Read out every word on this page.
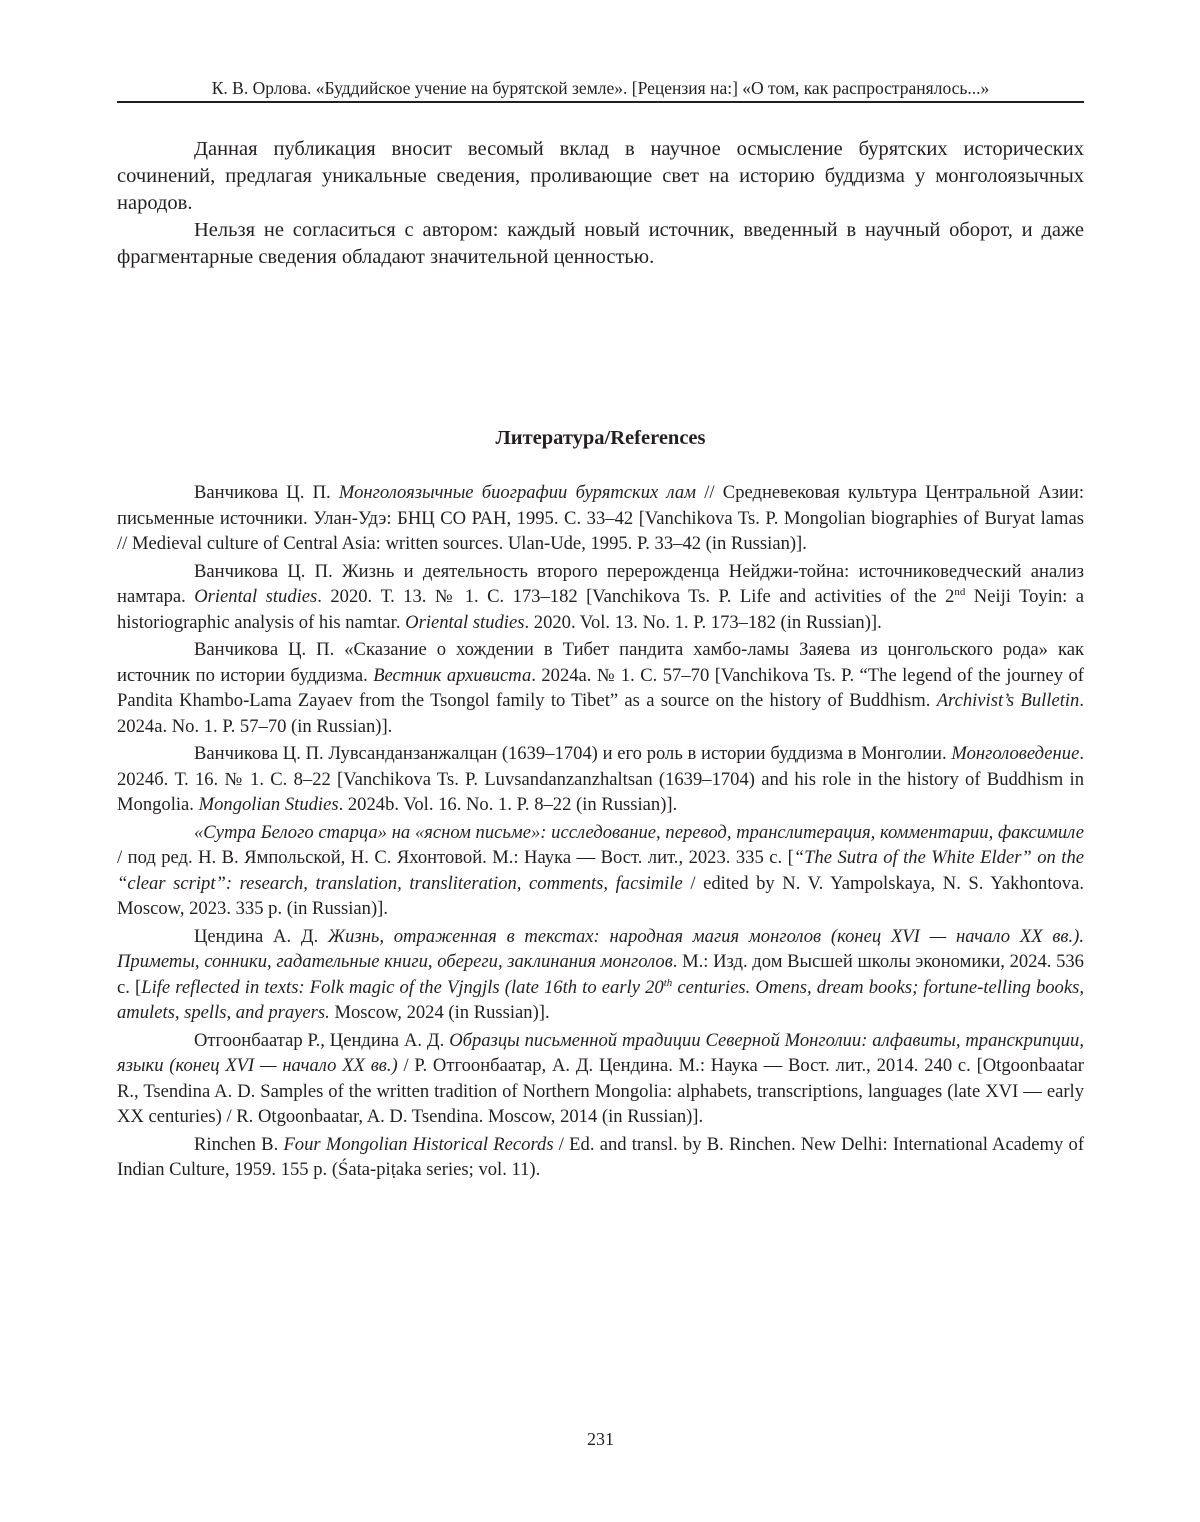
К. В. Орлова. «Буддийское учение на бурятской земле». [Рецензия на:] «О том, как распространялось...»

Данная публикация вносит весомый вклад в научное осмысление бурятских исторических сочинений, предлагая уникальные сведения, проливающие свет на историю буддизма у монголоязычных народов.

Нельзя не согласиться с автором: каждый новый источник, введенный в научный оборот, и даже фрагментарные сведения обладают значительной ценностью.

Литература/References

Ванчикова Ц. П. Монголоязычные биографии бурятских лам // Средневековая культура Центральной Азии: письменные источники. Улан-Удэ: БНЦ СО РАН, 1995. С. 33–42 [Vanchikova Ts. P. Mongolian biographies of Buryat lamas // Medieval culture of Central Asia: written sources. Ulan-Ude, 1995. P. 33–42 (in Russian)].

Ванчикова Ц. П. Жизнь и деятельность второго перерожденца Нейджи-тойна: источниковедческий анализ намтара. Oriental studies. 2020. Т. 13. № 1. С. 173–182 [Vanchikova Ts. P. Life and activities of the 2nd Neiji Toyin: a historiographic analysis of his namtar. Oriental studies. 2020. Vol. 13. No. 1. P. 173–182 (in Russian)].

Ванчикова Ц. П. «Сказание о хождении в Тибет пандита хамбо-ламы Заяева из цонгольского рода» как источник по истории буддизма. Вестник архивиста. 2024а. № 1. С. 57–70 [Vanchikova Ts. P. “The legend of the journey of Pandita Khambo-Lama Zayaev from the Tsongol family to Tibet” as a source on the history of Buddhism. Archivist’s Bulletin. 2024a. No. 1. P. 57–70 (in Russian)].

Ванчикова Ц. П. Лувсанданзанжалцан (1639–1704) и его роль в истории буддизма в Монголии. Монголоведение. 2024б. Т. 16. № 1. С. 8–22 [Vanchikova Ts. P. Luvsandanzanzhaltsan (1639–1704) and his role in the history of Buddhism in Mongolia. Mongolian Studies. 2024b. Vol. 16. No. 1. P. 8–22 (in Russian)].

«Сутра Белого старца» на «ясном письме»: исследование, перевод, транслитерация, комментарии, факсимиле / под ред. Н. В. Ямпольской, Н. С. Яхонтовой. М.: Наука — Вост. лит., 2023. 335 с. [“The Sutra of the White Elder” on the “clear script”: research, translation, transliteration, comments, facsimile / edited by N. V. Yampolskaya, N. S. Yakhontova. Moscow, 2023. 335 p. (in Russian)].

Цендина А. Д. Жизнь, отраженная в текстах: народная магия монголов (конец XVI — начало XX вв.). Приметы, сонники, гадательные книги, обереги, заклинания монголов. М.: Изд. дом Высшей школы экономики, 2024. 536 с. [Life reflected in texts: Folk magic of the Vjngjls (late 16th to early 20th centuries. Omens, dream books; fortune-telling books, amulets, spells, and prayers. Moscow, 2024 (in Russian)].

Отгоонбаатар Р., Цендина А. Д. Образцы письменной традиции Северной Монголии: алфавиты, транскрипции, языки (конец XVI — начало XX вв.) / Р. Отгоонбаатар, А. Д. Цендина. М.: Наука — Вост. лит., 2014. 240 с. [Otgoonbaatar R., Tsendina A. D. Samples of the written tradition of Northern Mongolia: alphabets, transcriptions, languages (late XVI — early XX centuries) / R. Otgoonbaatar, A. D. Tsendina. Moscow, 2014 (in Russian)].

Rinchen B. Four Mongolian Historical Records / Ed. and transl. by B. Rinchen. New Delhi: International Academy of Indian Culture, 1959. 155 p. (Śata-piṭaka series; vol. 11).

231
